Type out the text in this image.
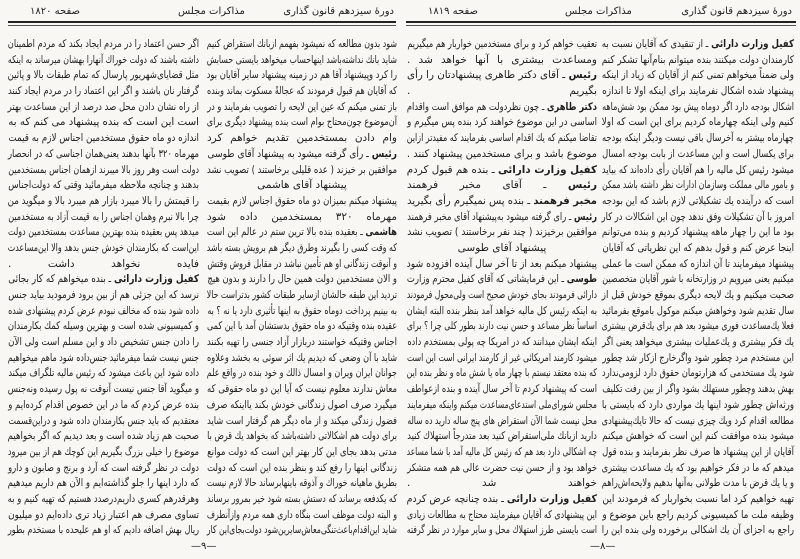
دورهٔ سیزدهم قانون گذاری
مذاکرات مجلس
صفحه ۱۸۲۰
شود بدون مطالعه که نمیشود بفهمم ازبانك استقراض کنیم
شاید بانك نداشته‌باشد اینهاحساب میخواهد بایستی حسابش
را کرد وپیشنهاد آقا هم در زمینه پیشنهاد سایر آقایان بود
که آقایان هم قبول فرمودند که عجالةً مسکوت بماند وبنده
باز تمنی میکنم که عین این لایحه را تصویب بفرمایند و در
آن‌موضوع چون‌محتاج بوام است بنده پیشنهاد دیگری برای
وام دادن بمستخدمین تقدیم خواهم کرد
رئیس ـ رأی گرفته میشود به پیشنهاد آقای طوسی
موافقین بر خیزند ( عده قلیلی برخاستند ) تصویب نشد
پیشنهاد آقای هاشمی
پیشنهاد میکنم بمیزان دو ماه حقوق اجناس لازم بقیمت
مهرماه ۳۲۰ بمستخدمین داده شود
هاشمی ـ بعقیده بنده بالا ترین ستم در عالم این است
که وقت کسی را بگیرند وطرق دیگر هم برویش بسته باشد
و آنوقت زندگانی او هم تأمین نباشد در مقابل فروش وقتش
و الان مستخدمین دولت همین حال را دارند و بدون هیچ
تردید این طبقه حالشان ازسایر طبقات کشور بدتراست حالا
به بینیم پرداخت دوماه حقوق به اینها تأثیری دارد یا نه ؟ به
عقیده بنده وقتیکه دو ماه حقوق بدستشان آمد با این کمی
اجناس وقتیکه خواستند دربازار آزاد جنسی را تهیه بکنند
شاید با آن وضعی که دیدیم یك اثر سوئی به بخشد وعلاوه
جوانان ایران ویران و امسال ذالك و خود بنده در واقع علم
معاش ندارند معلوم نیست که آیا این دو ماه حقوقی که
میگیرد صرف اصول زندگانی خودش بکند یااینکه صرف
فضول زندگی میکند و از ماه دیگر هم گرفتار است شاید
برای دولت هم اشکالاتی داشته‌باشد که بخواهد یك قرض با
مدتی بدهد بجای این کار بهتر این است که دولت موانع
زندگانی اینها را رفع کند و بنظر بنده این است که دولت
بطریق ماهیانه خوراك و آذوقه باینهابرساند حالا لازم نیست
که یکدفعه برساند که دستش بسته شود خیر بمرور برساند
و البته دولت موظف است بنگاه داری همه مردم وازآنطرف
شاید این‌اقدام‌باعث‌تنگی‌معاش‌سایرین‌شود دولت‌بجای‌این کار
اگر حسن اعتماد را در مردم ایجاد بکند که مردم اطمینان
داشته باشند که دولت خوراك آنهارا بهشان میرساند به اینکه
مثل قضایای‌شهریور پارسال که تمام طبقات بالا و پائین
گرفتار نان باشند و اگر این اعتماد را در مردم ایجاد کنند
از راه نشان دادن محل صد درصد از این مساعدت بهتر
است این است که بنده پیشنهاد می کنم که به
اندازه دو ماه حقوق مستخدمین اجناس لازم به قیمت
مهرماه ۳۲۰ بآنها بدهند یعنی‌همان اجناسی که در انحصار
دولت است وهر روز بالا میبرند ازهمان اجناس بمستخدمین
بدهند و چنانچه ملاحظه میفرمائید وقتی که دولت‌اجناس
را قیمتش را بالا میبرد بازار هم میبرد بالا و میگوید من
چرا بالا نبرم وهمان اجناس را به قیمت آزاد به مستخدمین
میدهد پس بعقیده بنده بهترین مساعدت بمستخدمین دولت
این‌است که بکارمندان خودش جنس بدهد والا این‌مساعدت
فایده نخواهد داشت .
کفیل وزارت دارائی ـ بنده میخواهم که کار بجائی
نرسد که این جزئی هم از بین برود فرمودید بیاید جنس
داده شود بنده که مخالف نبودم عرض کردم پیشنهادی شده
و کمیسیونی شده است و بهترین وسیله کمك بکارمندان
را دادن جنس تشخیص داد و این مسلم است ولی الآن
جنس نیست شما میفرمائید جنس‌داده شود ماهم میخواهیم
داده شود این باعث میشود که رئیس مالیه تلگراف میکند
و میگوید آقا جنس نیست آنوقت نه پول رسیده ونه‌جنس
بنده عرض کردم که ما در این خصوص اقدام کرده‌ایم و
معتقدیم که باید جنس بکارمندان داده شود و دراین‌قسمت
صحبت هم زیاد شده است و بعد دیدیم که اگر بخواهیم
موضوع را خیلی بزرگ بگیریم این کوچك هم از بین میرود
دولت در نظر گرفته است که آرد و برنج و صابون و دارو
که دارد اینها را جلو گذاشته‌ایم و الآن هم داریم میدهیم
وهرقدرهم کسری داریم‌درصدد هستیم که تهیه کنیم و به
تساوی مصرف هم اعتبار زیاد تری داده‌ایم دو میلیون
ریال بهش اضافه دادیم که او هم علیحده با مستخدم بطور
—۹—
دورهٔ سیزدهم قانون گذاری
مذاکرات مجلس
صفحه ۱۸۱۹
کفیل وزارت دارائی ـ از تنقیدی که آقایان نسبت به
کارمندان دولت میکنند بنده میتوانم بنام‌آنها تشکر کنم
ولی ضمناً میخواهم تمنی کنم از آقایان که زیاد از اینکه
پیشنهاد شده اشکال نفرمایند برای اینکه اولا تا اندازه
اشکال بودجه دارد اگر دوماه پیش بود ممکن بود شش‌ماهه
کنیم ولی اینکه چهارماه کردیم برای این است که اولا
چهارماه بیشتر به آخرسال باقی نیست ودیگر اینکه بودجه
برای یکسال است و این مساعدت از بابت بودجه امسال
میشود رئیس کل مالیه را هم آقایان رأی داده‌اند که بیاید
و بامور مالی مملکت وسازمان ادارات نظر داشته باشد ممکن
است که درآینده یك تشکیلاتی لازم باشد که این بودجه
امروز با آن تشکیلات وفق ندهد چون این اشکالات در کار
بود ما این را چهار ماهه پیشنهاد کردیم و بنده می‌توانم
اینجا عرض کنم و قول بدهم که این نظریاتی که آقایان
پیشنهاد میفرمایند تا آن اندازه که ممکن است ما عملی
میکنیم یعنی میرویم در وزارتخانه با شور آقایان متخصصین
صحبت میکنیم و یك لایحه دیگری بموقع خودش قبل از
سال تقدیم شود وخواهش میکنم موکول باموقع بفرمائید
فعلا یك‌مساعدت فوری میشود بعد هم برای یك‌قرض بیشتری
یك فکر بیشتری و یك‌عملیات بیشتری میخواهد یعنی اگر
این مستخدم مرد چطور شود واگرخارج ازکار شد چطور
شود یك مستخدمی که هزارتومان حقوق دارد لزومی‌ندارد
بهش بدهند وچطور مستهلك بشود واگر از بین رفت تکلیف
ورثه‌اش چطور شود اینها یك مواردی دارد که بایستی با
مطالعه اقدام کرد ویك چیزی نیست که حالا تایك‌پیشنهادی
میشود بنده موافقت کنم این است که خواهش میکنم
آقایان از این پیشنهاد ها صرف نظر بفرمایند و بنده قول
میدهم که ما در فکر خواهیم بود که یك مساعدت بیشتری
و یا یك قرض با مدت طولانی به‌آنها بدهیم ولایحه‌اش‌راهم
تهیه خواهیم کرد اما نسبت بخواربار که فرمودند این
وظیفه ملت ما کمیسیونی کردیم راجع باین موضوع و
راجع به اجزای آن یك اشکالی برخورده ولی بنده این را
تعقیب خواهم کرد و برای مستخدمین خواربار هم میگیریم
ومساعدت بیشتری با آنها خواهد شد .
رئیس ـ آقای دکتر طاهری پیشنهادتان را رأی
بگیریم .
دکتر طاهری ـ چون نظردولت هم موافق است واقدام
اساسی در این موضوع خواهند کرد بنده پس میگیرم و
تقاضا میکنم که یك اقدام اساسی بفرمایند که مفیدتر ازاین
موضوع باشد و برای مستخدمین پیشنهاد کنند .
کفیل وزارت دارائی ـ بنده هم قبول کردم
رئیس ـ آقای مخبر فرهمند
مخبر فرهمند ـ بنده پس نمیگیرم رأی بگیرید
رئیس ـ رای گرفته میشود به‌پیشنهاد آقای مخبر فرهمند
موافقین برخیزند ( چند نفر برخاستند ) تصویب نشد
پیشنهاد آقای طوسی
پیشنهاد میکنم بعد از تا آخر سال آینده افزوده شود
طوسی ـ این فرمایشاتی که آقای کفیل محترم وزارت
دارائی فرمودند بجای خودش صحیح است ولی‌محول فرمودند
به اینکه رئیس کل مالیه خواهد آمد بنظر بنده البته ایشان
اساساً نظر مساعد و حسن نیت دارند بطور کلی چرا ؟ برای
اینکه ایشان میدانند که در امریکا چه پولی بمستخدم داده
میشود کارمند امریکائی غیر از کارمند ایرانی است این است
که بنده معتقد نیستم با چهار ماه یا شش ماه و نظر بنده این
است که پیشنهاد کردم تا آخر سال آینده و بنده ازعواطف
مجلس شورای‌ملی استدعای‌مساعدت میکنم واینکه میفرمایند
محل نیست شما الآن استقراض های پنج ساله دارید ده ساله
دارید ازبانك ملی‌استقراض کنید بعد متدرجاً استهلاك کنید
چه اشکالی دارد بعد هم که رئیس کل مالیه آمد با شما مساعد
خواهد بود و از حسن نیت حضرت عالی هم همه متشکر
خواهند شد .
کفیل وزارت دارائی ـ بنده چنانچه عرض کردم
این پیشنهادی که آقایان میفرمایند محتاج به مطالعات زیادی
است بایستی طرز استهلاك محل و سایر موارد در نظر گرفته
—۸—
